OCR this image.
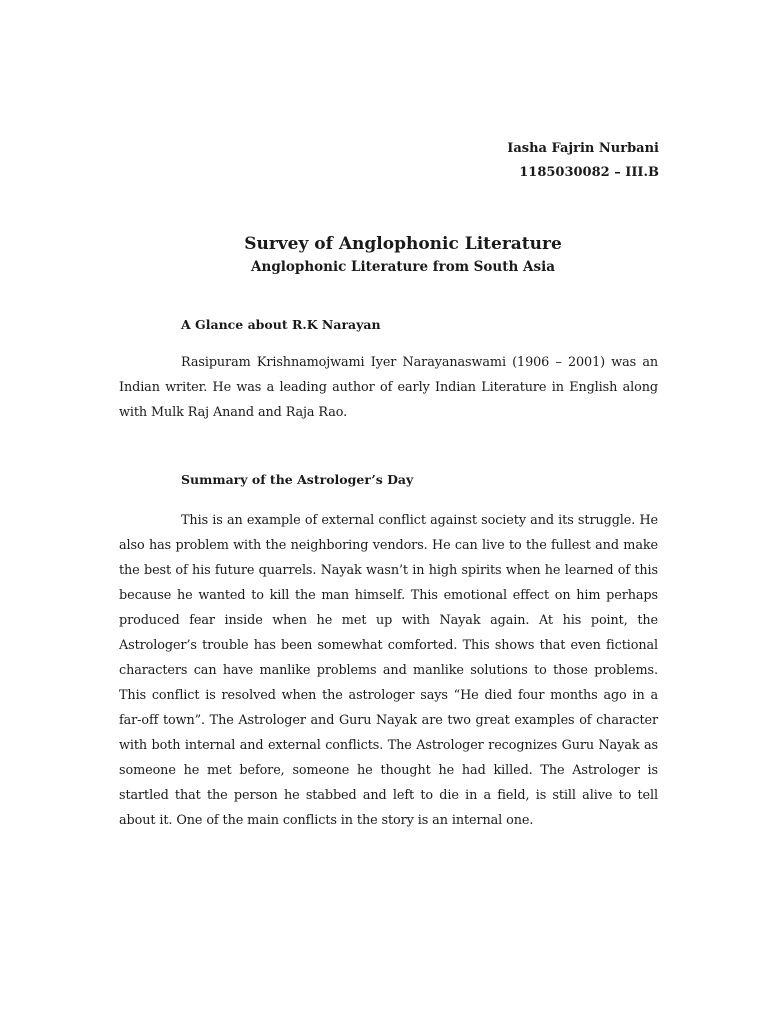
Iasha Fajrin Nurbani
1185030082 – III.B
Survey of Anglophonic Literature
Anglophonic Literature from South Asia
A Glance about R.K Narayan

Rasipuram Krishnamojwami Iyer Narayanaswami (1906 – 2001) was an Indian writer. He was a leading author of early Indian Literature in English along with Mulk Raj Anand and Raja Rao.

Summary of the Astrologer’s Day

This is an example of external conflict against society and its struggle. He also has problem with the neighboring vendors. He can live to the fullest and make the best of his future quarrels. Nayak wasn’t in high spirits when he learned of this because he wanted to kill the man himself. This emotional effect on him perhaps produced fear inside when he met up with Nayak again. At his point, the Astrologer’s trouble has been somewhat comforted. This shows that even fictional characters can have manlike problems and manlike solutions to those problems. This conflict is resolved when the astrologer says “He died four months ago in a far-off town”. The Astrologer and Guru Nayak are two great examples of character with both internal and external conflicts. The Astrologer recognizes Guru Nayak as someone he met before, someone he thought he had killed. The Astrologer is startled that the person he stabbed and left to die in a field, is still alive to tell about it. One of the main conflicts in the story is an internal one.
